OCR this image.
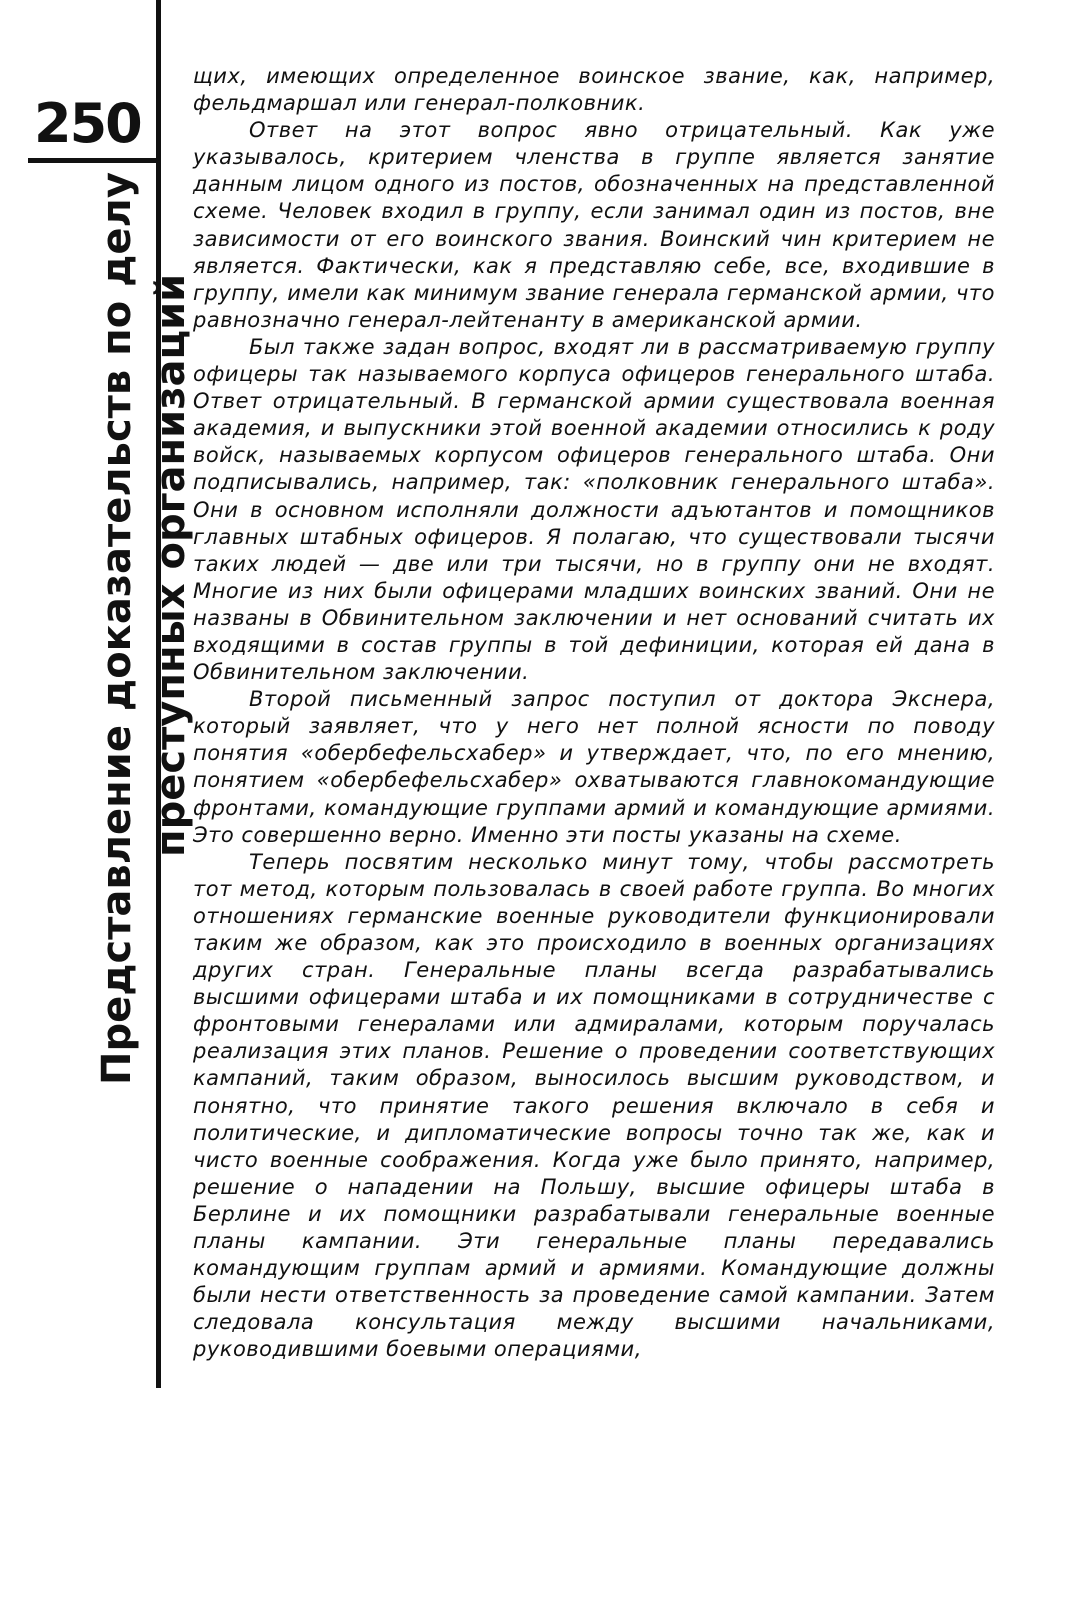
250
Представление доказательств по делу преступных организаций

щих, имеющих определенное воинское звание, как, например, фельдмаршал или генерал-полковник.

Ответ на этот вопрос явно отрицательный. Как уже указывалось, критерием членства в группе является занятие данным лицом одного из постов, обозначенных на представленной схеме. Человек входил в группу, если занимал один из постов, вне зависимости от его воинского звания. Воинский чин критерием не является. Фактически, как я представляю себе, все, входившие в группу, имели как минимум звание генерала германской армии, что равнозначно генерал-лейтенанту в американской армии.

Был также задан вопрос, входят ли в рассматриваемую группу офицеры так называемого корпуса офицеров генерального штаба. Ответ отрицательный. В германской армии существовала военная академия, и выпускники этой военной академии относились к роду войск, называемых корпусом офицеров генерального штаба. Они подписывались, например, так: «полковник генерального штаба». Они в основном исполняли должности адъютантов и помощников главных штабных офицеров. Я полагаю, что существовали тысячи таких людей — две или три тысячи, но в группу они не входят. Многие из них были офицерами младших воинских званий. Они не названы в Обвинительном заключении и нет оснований считать их входящими в состав группы в той дефиниции, которая ей дана в Обвинительном заключении.

Второй письменный запрос поступил от доктора Экснера, который заявляет, что у него нет полной ясности по поводу понятия «обербефельсхабер» и утверждает, что, по его мнению, понятием «обербефельсхабер» охватываются главнокомандующие фронтами, командующие группами армий и командующие армиями. Это совершенно верно. Именно эти посты указаны на схеме.

Теперь посвятим несколько минут тому, чтобы рассмотреть тот метод, которым пользовалась в своей работе группа. Во многих отношениях германские военные руководители функционировали таким же образом, как это происходило в военных организациях других стран. Генеральные планы всегда разрабатывались высшими офицерами штаба и их помощниками в сотрудничестве с фронтовыми генералами или адмиралами, которым поручалась реализация этих планов. Решение о проведении соответствующих кампаний, таким образом, выносилось высшим руководством, и понятно, что принятие такого решения включало в себя и политические, и дипломатические вопросы точно так же, как и чисто военные соображения. Когда уже было принято, например, решение о нападении на Польшу, высшие офицеры штаба в Берлине и их помощники разрабатывали генеральные военные планы кампании. Эти генеральные планы передавались командующим группам армий и армиями. Командующие должны были нести ответственность за проведение самой кампании. Затем следовала консультация между высшими начальниками, руководившими боевыми операциями,
